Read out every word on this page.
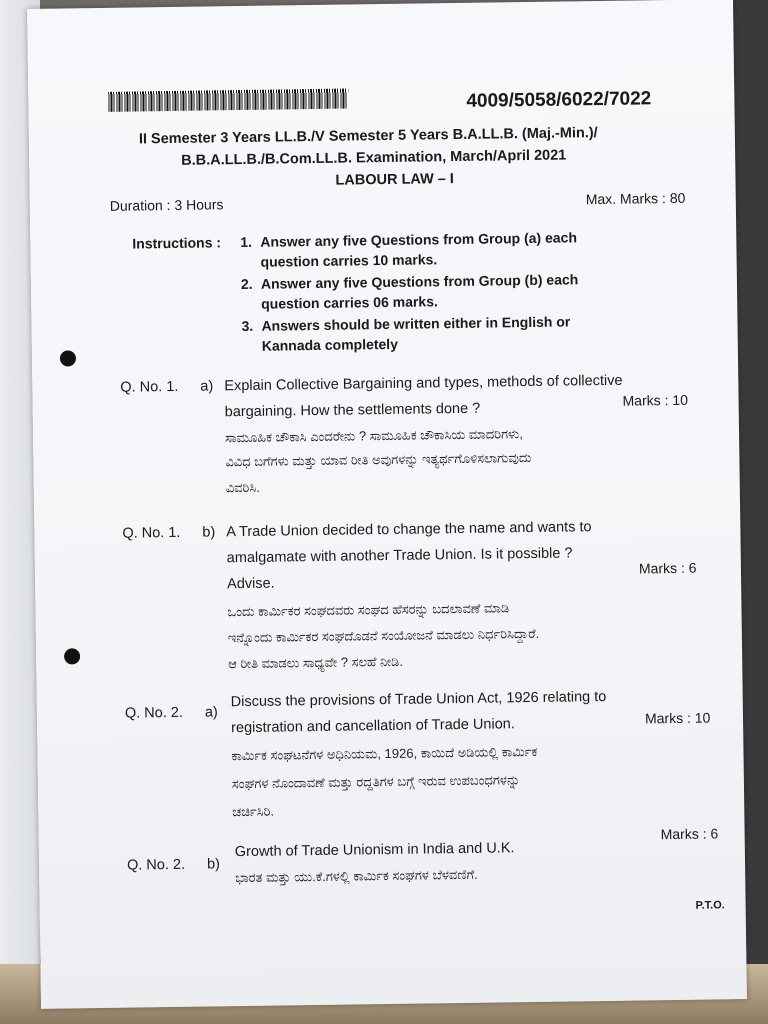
4009/5058/6022/7022
II Semester 3 Years LL.B./V Semester 5 Years B.A.LL.B. (Maj.-Min.)/
B.B.A.LL.B./B.Com.LL.B. Examination, March/April 2021
LABOUR LAW – I
Duration : 3 Hours	Max. Marks : 80
Instructions : 1. Answer any five Questions from Group (a) each
question carries 10 marks.
2. Answer any five Questions from Group (b) each
question carries 06 marks.
3. Answers should be written either in English or
Kannada completely
Q. No. 1. a) Explain Collective Bargaining and types, methods of collective
bargaining. How the settlements done ?
Marks : 10
ಸಾಮೂಹಿಕ ಚೌಕಾಸಿ ಎಂದರೇನು ? ಸಾಮೂಹಿಕ ಚೌಕಾಸಿಯ ಮಾದರಿಗಳು,
ವಿವಿಧ ಬಗೆಗಳು ಮತ್ತು ಯಾವ ರೀತಿ ಅವುಗಳನ್ನು ಇತ್ಯರ್ಥಗೊಳಿಸಲಾಗುವುದು
ವಿವರಿಸಿ.
Q. No. 1. b) A Trade Union decided to change the name and wants to
amalgamate with another Trade Union. Is it possible ?
Advise.
Marks : 6
ಒಂದು ಕಾರ್ಮಿಕರ ಸಂಘದವರು ಸಂಘದ ಹೆಸರನ್ನು ಬದಲಾವಣೆ ಮಾಡಿ
ಇನ್ನೊಂದು ಕಾರ್ಮಿಕರ ಸಂಘದೊಡನೆ ಸಂಯೋಜನೆ ಮಾಡಲು ನಿರ್ಧರಿಸಿದ್ದಾರೆ.
ಆ ರೀತಿ ಮಾಡಲು ಸಾಧ್ಯವೇ ? ಸಲಹೆ ನೀಡಿ.
Q. No. 2. a)
Discuss the provisions of Trade Union Act, 1926 relating to
registration and cancellation of Trade Union.	Marks : 10
ಕಾರ್ಮಿಕ ಸಂಘಟನೆಗಳ ಅಧಿನಿಯಮ, 1926, ಕಾಯಿದೆ ಅಡಿಯಲ್ಲಿ ಕಾರ್ಮಿಕ
ಸಂಘಗಳ ನೊಂದಾವಣೆ ಮತ್ತು ರದ್ದತಿಗಳ ಬಗ್ಗೆ ಇರುವ ಉಪಬಂಧಗಳನ್ನು
ಚರ್ಚಿಸಿರಿ.
Q. No. 2. b)
Growth of Trade Unionism in India and U.K.
Marks : 6
ಭಾರತ ಮತ್ತು ಯು.ಕೆ.ಗಳಲ್ಲಿ ಕಾರ್ಮಿಕ ಸಂಘಗಳ ಬೆಳವಣಿಗೆ.
P.T.O.
